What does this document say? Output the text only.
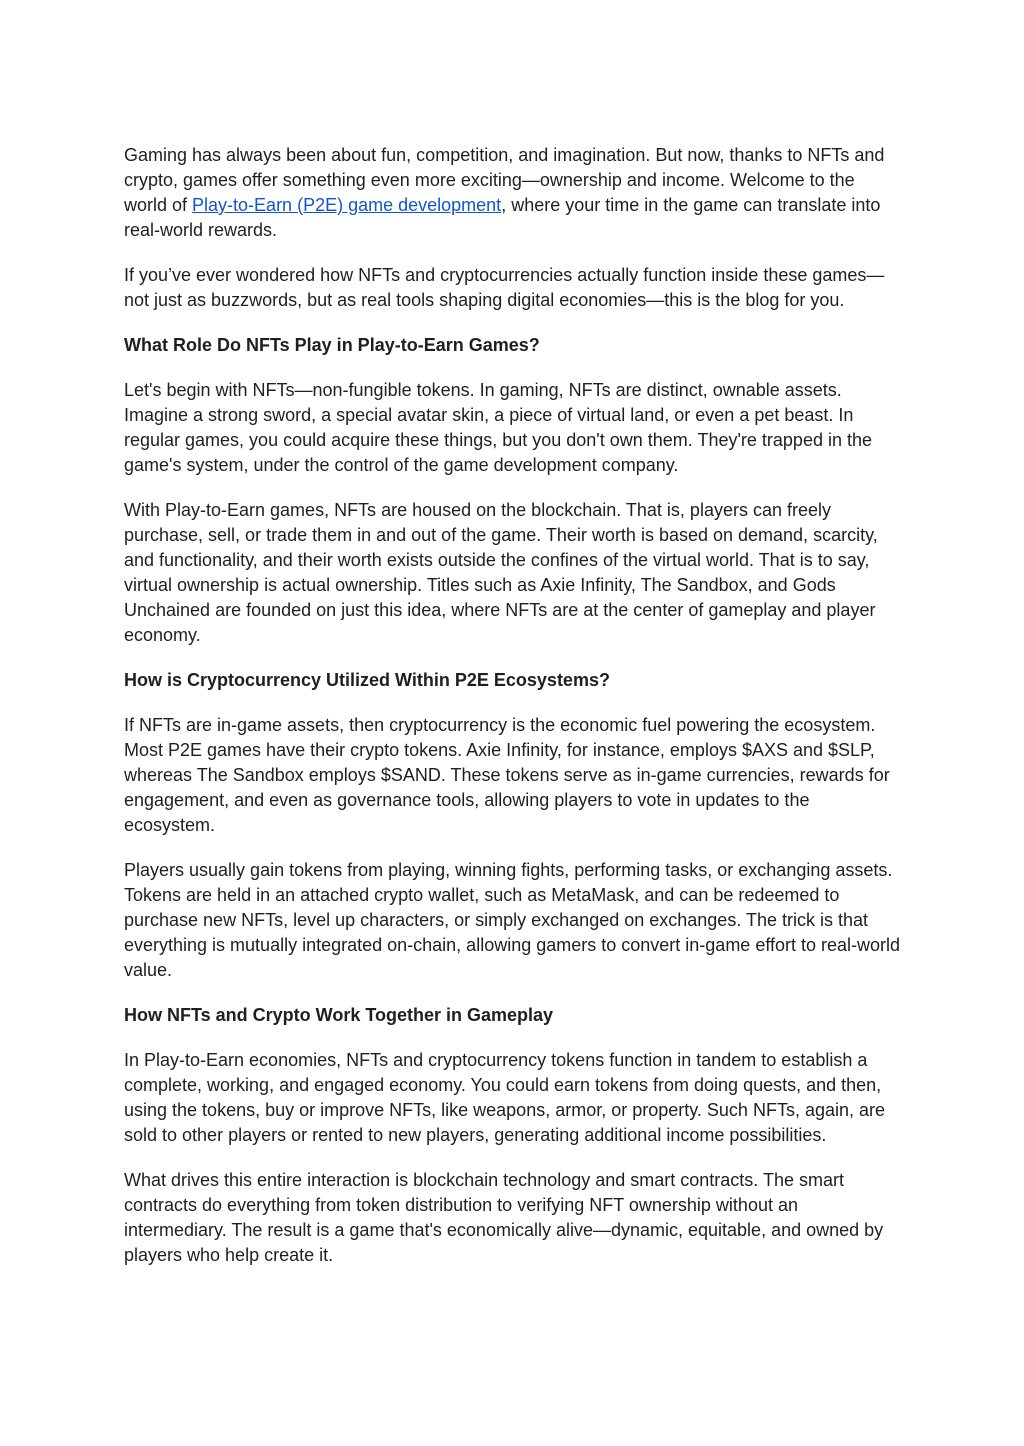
Gaming has always been about fun, competition, and imagination. But now, thanks to NFTs and crypto, games offer something even more exciting—ownership and income. Welcome to the world of Play-to-Earn (P2E) game development, where your time in the game can translate into real-world rewards.

If you’ve ever wondered how NFTs and cryptocurrencies actually function inside these games—not just as buzzwords, but as real tools shaping digital economies—this is the blog for you.

What Role Do NFTs Play in Play-to-Earn Games?

Let's begin with NFTs—non-fungible tokens. In gaming, NFTs are distinct, ownable assets. Imagine a strong sword, a special avatar skin, a piece of virtual land, or even a pet beast. In regular games, you could acquire these things, but you don't own them. They're trapped in the game's system, under the control of the game development company.

With Play-to-Earn games, NFTs are housed on the blockchain. That is, players can freely purchase, sell, or trade them in and out of the game. Their worth is based on demand, scarcity, and functionality, and their worth exists outside the confines of the virtual world. That is to say, virtual ownership is actual ownership. Titles such as Axie Infinity, The Sandbox, and Gods Unchained are founded on just this idea, where NFTs are at the center of gameplay and player economy.

How is Cryptocurrency Utilized Within P2E Ecosystems?

If NFTs are in-game assets, then cryptocurrency is the economic fuel powering the ecosystem. Most P2E games have their crypto tokens. Axie Infinity, for instance, employs $AXS and $SLP, whereas The Sandbox employs $SAND. These tokens serve as in-game currencies, rewards for engagement, and even as governance tools, allowing players to vote in updates to the ecosystem.

Players usually gain tokens from playing, winning fights, performing tasks, or exchanging assets. Tokens are held in an attached crypto wallet, such as MetaMask, and can be redeemed to purchase new NFTs, level up characters, or simply exchanged on exchanges. The trick is that everything is mutually integrated on-chain, allowing gamers to convert in-game effort to real-world value.

How NFTs and Crypto Work Together in Gameplay

In Play-to-Earn economies, NFTs and cryptocurrency tokens function in tandem to establish a complete, working, and engaged economy. You could earn tokens from doing quests, and then, using the tokens, buy or improve NFTs, like weapons, armor, or property. Such NFTs, again, are sold to other players or rented to new players, generating additional income possibilities.

What drives this entire interaction is blockchain technology and smart contracts. The smart contracts do everything from token distribution to verifying NFT ownership without an intermediary. The result is a game that's economically alive—dynamic, equitable, and owned by players who help create it.
